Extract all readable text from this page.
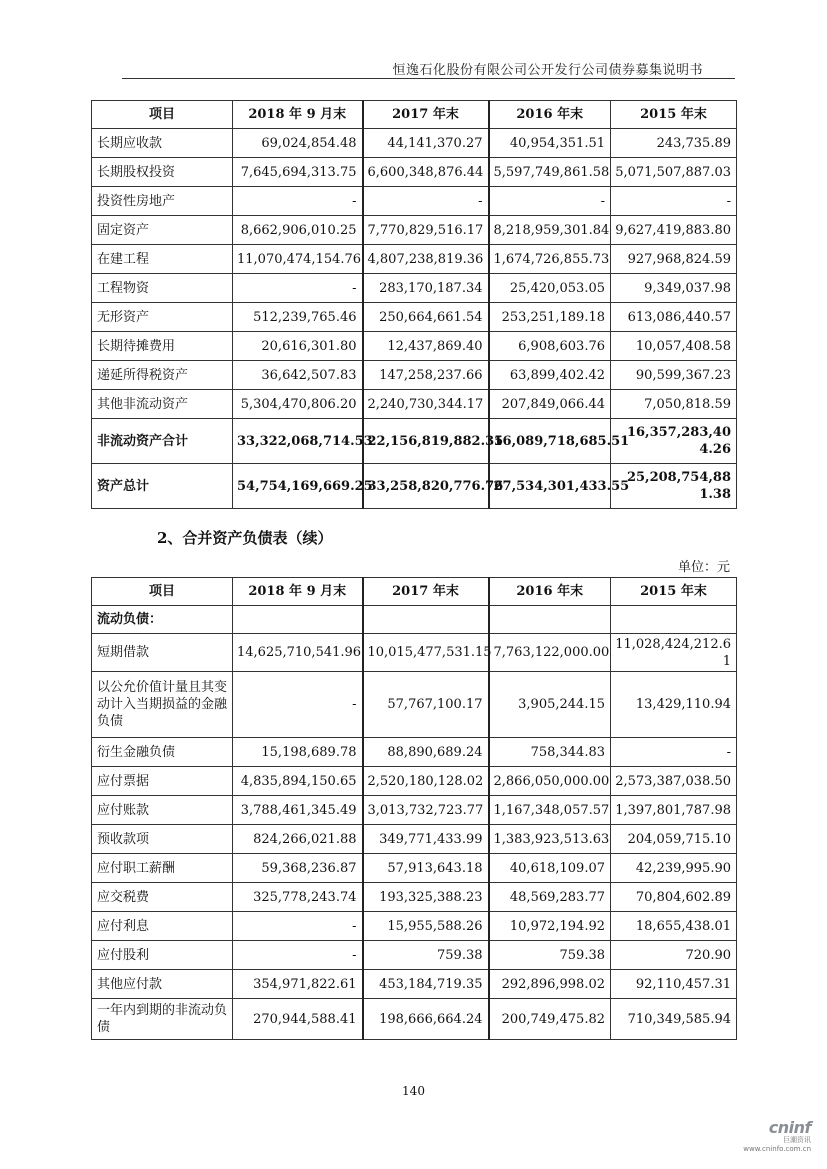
恒逸石化股份有限公司公开发行公司债券募集说明书
项目	2018 年 9 月末	2017 年末	2016 年末	2015 年末
长期应收款	69,024,854.48	44,141,370.27	40,954,351.51	243,735.89
长期股权投资	7,645,694,313.75	6,600,348,876.44	5,597,749,861.58	5,071,507,887.03
投资性房地产	-	-	-	-
固定资产	8,662,906,010.25	7,770,829,516.17	8,218,959,301.84	9,627,419,883.80
在建工程	11,070,474,154.76	4,807,238,819.36	1,674,726,855.73	927,968,824.59
工程物资	-	283,170,187.34	25,420,053.05	9,349,037.98
无形资产	512,239,765.46	250,664,661.54	253,251,189.18	613,086,440.57
长期待摊费用	20,616,301.80	12,437,869.40	6,908,603.76	10,057,408.58
递延所得税资产	36,642,507.83	147,258,237.66	63,899,402.42	90,599,367.23
其他非流动资产	5,304,470,806.20	2,240,730,344.17	207,849,066.44	7,050,818.59
非流动资产合计	33,322,068,714.53	22,156,819,882.35	16,089,718,685.51	16,357,283,404.26
资产总计	54,754,169,669.25	33,258,820,776.76	27,534,301,433.55	25,208,754,881.38
2、合并资产负债表（续）
单位：元
项目	2018 年 9 月末	2017 年末	2016 年末	2015 年末
流动负债：				
短期借款	14,625,710,541.96	10,015,477,531.15	7,763,122,000.00	11,028,424,212.61
以公允价值计量且其变动计入当期损益的金融负债	-	57,767,100.17	3,905,244.15	13,429,110.94
衍生金融负债	15,198,689.78	88,890,689.24	758,344.83	-
应付票据	4,835,894,150.65	2,520,180,128.02	2,866,050,000.00	2,573,387,038.50
应付账款	3,788,461,345.49	3,013,732,723.77	1,167,348,057.57	1,397,801,787.98
预收款项	824,266,021.88	349,771,433.99	1,383,923,513.63	204,059,715.10
应付职工薪酬	59,368,236.87	57,913,643.18	40,618,109.07	42,239,995.90
应交税费	325,778,243.74	193,325,388.23	48,569,283.77	70,804,602.89
应付利息	-	15,955,588.26	10,972,194.92	18,655,438.01
应付股利	-	759.38	759.38	720.90
其他应付款	354,971,822.61	453,184,719.35	292,896,998.02	92,110,457.31
一年内到期的非流动负债	270,944,588.41	198,666,664.24	200,749,475.82	710,349,585.94
140
cninf
巨潮资讯
www.cninfo.com.cn
